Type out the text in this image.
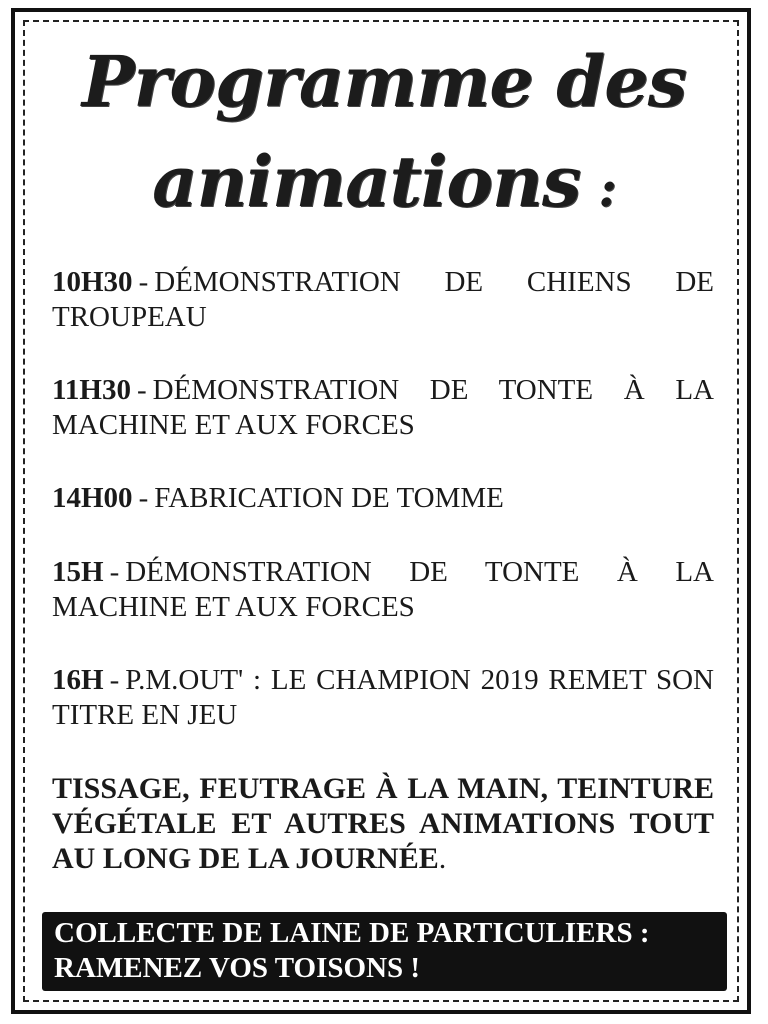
Programme des
animations :
10H30 - DÉMONSTRATION DE CHIENS DE TROUPEAU
11H30 - DÉMONSTRATION DE TONTE À LA MACHINE ET AUX FORCES
14H00 - FABRICATION DE TOMME
15H - DÉMONSTRATION DE TONTE À LA MACHINE ET AUX FORCES
16H - P.M.OUT' : LE CHAMPION 2019 REMET SON TITRE EN JEU
TISSAGE, FEUTRAGE À LA MAIN, TEINTURE VÉGÉTALE ET AUTRES ANIMATIONS TOUT AU LONG DE LA JOURNÉE.
COLLECTE DE LAINE DE PARTICULIERS :
RAMENEZ VOS TOISONS !
